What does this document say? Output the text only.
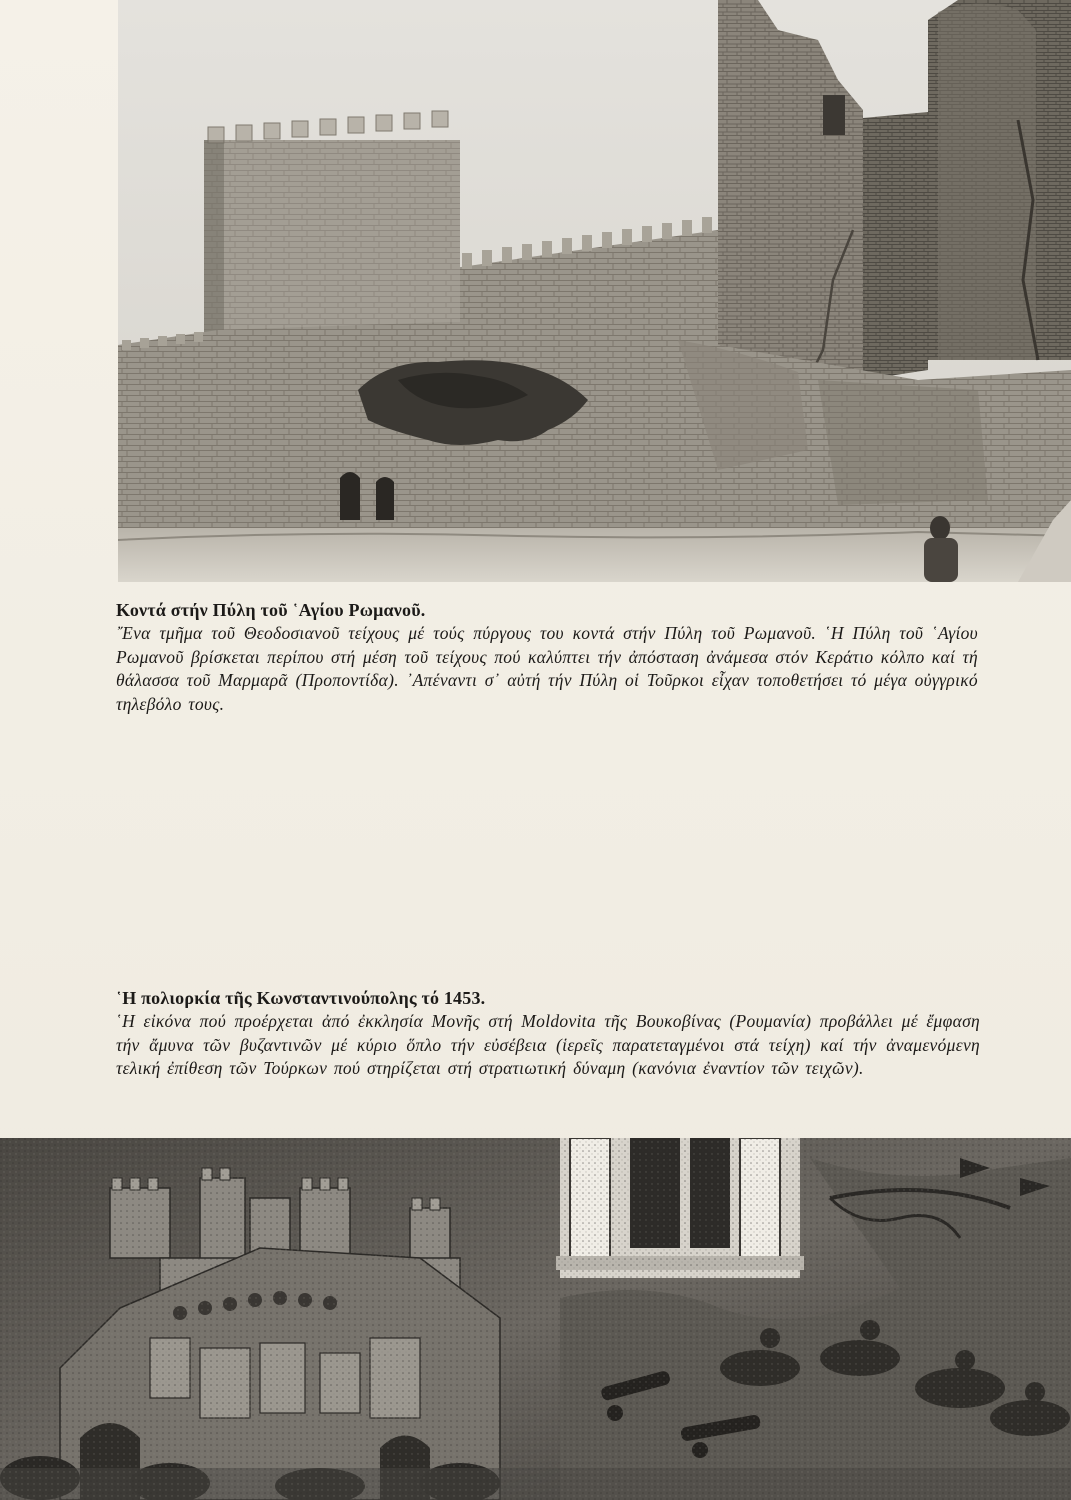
Κοντά στήν Πύλη τοῦ ῾Αγίου Ρωμανοῦ.

῎Ενα τμῆμα τοῦ Θεοδοσιανοῦ τείχους μέ τούς πύργους του κοντά στήν Πύλη τοῦ Ρωμανοῦ. ῾Η Πύλη τοῦ ῾Αγίου Ρωμανοῦ βρίσκεται περίπου στή μέση τοῦ τείχους πού καλύπτει τήν ἀπόσταση ἀνάμεσα στόν Κεράτιο κόλπο καί τή θάλασσα τοῦ Μαρμαρᾶ (Προποντίδα). ᾿Απέναντι σ᾿ αὐτή τήν Πύλη οἱ Τοῦρκοι εἶχαν τοποθετήσει τό μέγα οὐγγρικό τηλεβόλο τους.

῾Η πολιορκία τῆς Κωνσταντινούπολης τό 1453.

῾Η εἰκόνα πού προέρχεται ἀπό ἐκκλησία Μονῆς στή Moldovita τῆς Βουκοβίνας (Ρουμανία) προβάλλει μέ ἔμφαση τήν ἄμυνα τῶν βυζαντινῶν μέ κύριο ὅπλο τήν εὐσέβεια (ἱερεῖς παρατεταγμένοι στά τείχη) καί τήν ἀναμενόμενη τελική ἐπίθεση τῶν Τούρκων πού στηρίζεται στή στρατιωτική δύναμη (κανόνια ἐναντίον τῶν τειχῶν).
